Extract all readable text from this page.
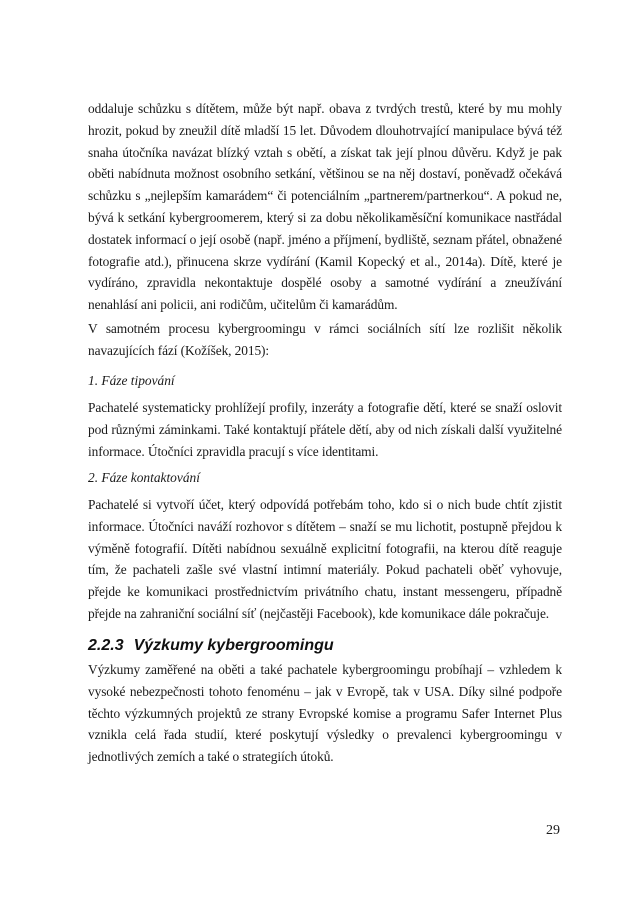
oddaluje schůzku s dítětem, může být např. obava z tvrdých trestů, které by mu mohly hrozit, pokud by zneužil dítě mladší 15 let. Důvodem dlouhotrvající manipulace bývá též snaha útočníka navázat blízký vztah s obětí, a získat tak její plnou důvěru. Když je pak oběti nabídnuta možnost osobního setkání, většinou se na něj dostaví, poněvadž očekává schůzku s „nejlepším kamarádem“ či potenciálním „partnerem/partnerkou“. A pokud ne, bývá k setkání kybergroomerem, který si za dobu několikaměsíční komunikace nastřádal dostatek informací o její osobě (např. jméno a příjmení, bydliště, seznam přátel, obnažené fotografie atd.), přinucena skrze vydírání (Kamil Kopecký et al., 2014a). Dítě, které je vydíráno, zpravidla nekontaktuje dospělé osoby a samotné vydírání a zneužívání nenahlásí ani policii, ani rodičům, učitelům či kamarádům.

V samotném procesu kybergroomingu v rámci sociálních sítí lze rozlišit několik navazujících fází (Kožíšek, 2015):

1. Fáze tipování

Pachatelé systematicky prohlížejí profily, inzeráty a fotografie dětí, které se snaží oslovit pod různými záminkami. Také kontaktují přátele dětí, aby od nich získali další využitelné informace. Útočníci zpravidla pracují s více identitami.

2. Fáze kontaktování

Pachatelé si vytvoří účet, který odpovídá potřebám toho, kdo si o nich bude chtít zjistit informace. Útočníci naváží rozhovor s dítětem – snaží se mu lichotit, postupně přejdou k výměně fotografií. Dítěti nabídnou sexuálně explicitní fotografii, na kterou dítě reaguje tím, že pachateli zašle své vlastní intimní materiály. Pokud pachateli oběť vyhovuje, přejde ke komunikaci prostřednictvím privátního chatu, instant messengeru, případně přejde na zahraniční sociální síť (nejčastěji Facebook), kde komunikace dále pokračuje.

2.2.3 Výzkumy kybergroomingu

Výzkumy zaměřené na oběti a také pachatele kybergroomingu probíhají – vzhledem k vysoké nebezpečnosti tohoto fenoménu – jak v Evropě, tak v USA. Díky silné podpoře těchto výzkumných projektů ze strany Evropské komise a programu Safer Internet Plus vznikla celá řada studií, které poskytují výsledky o prevalenci kybergroomingu v jednotlivých zemích a také o strategiích útoků.

29
